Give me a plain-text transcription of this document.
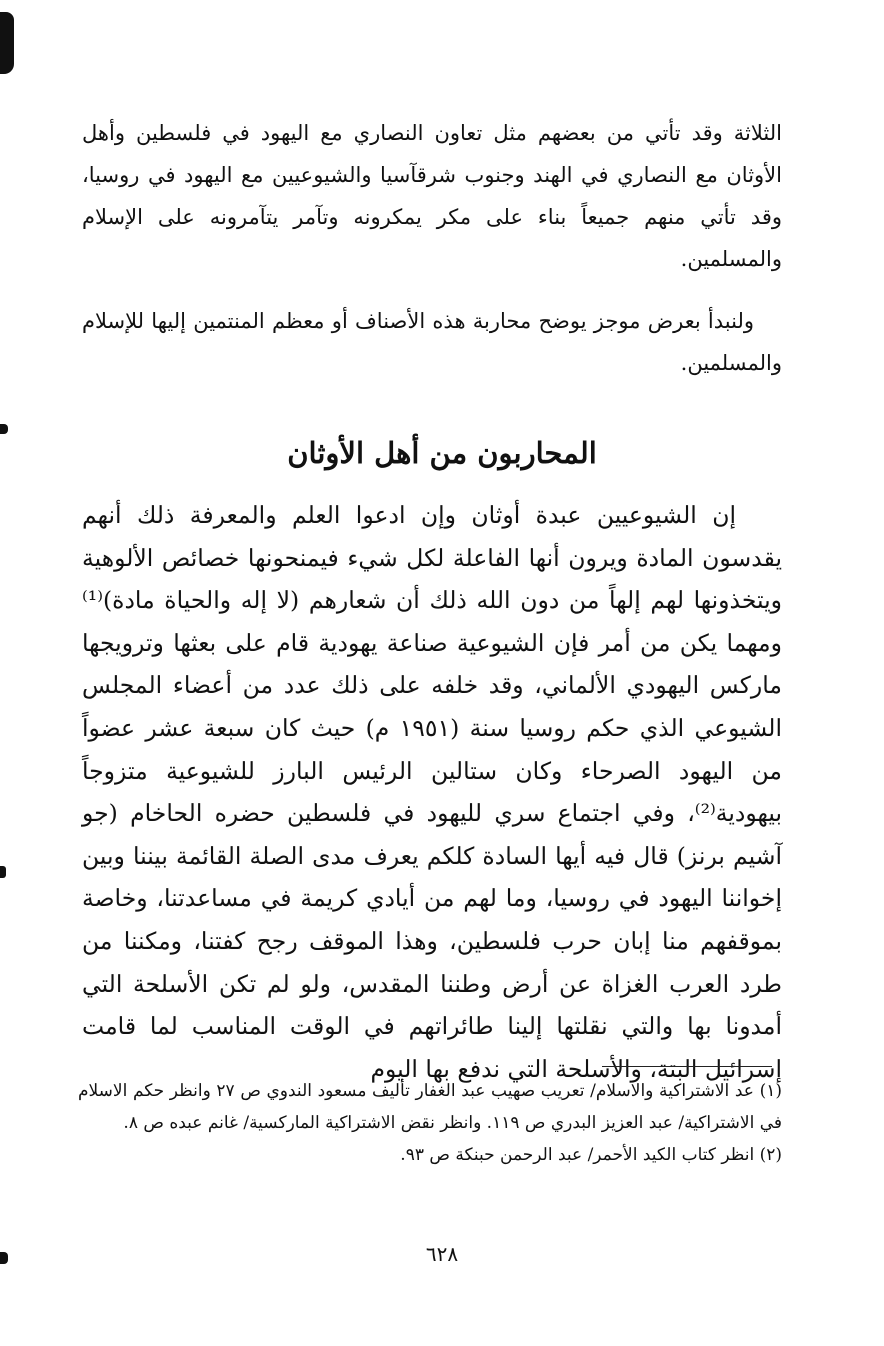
الثلاثة وقد تأتي من بعضهم مثل تعاون النصاري مع اليهود في فلسطين وأهل الأوثان مع النصاري في الهند وجنوب شرقآسيا والشيوعيين مع اليهود في روسيا، وقد تأتي منهم جميعاً بناء على مكر يمكرونه وتآمر يتآمرونه على الإسلام والمسلمين.

ولنبدأ بعرض موجز يوضح محاربة هذه الأصناف أو معظم المنتمين إليها للإسلام والمسلمين.

المحاربون من أهل الأوثان

إن الشيوعيين عبدة أوثان وإن ادعوا العلم والمعرفة ذلك أنهم يقدسون المادة ويرون أنها الفاعلة لكل شيء فيمنحونها خصائص الألوهية ويتخذونها لهم إلهاً من دون الله ذلك أن شعارهم (لا إله والحياة مادة)⁽¹⁾ ومهما يكن من أمر فإن الشيوعية صناعة يهودية قام على بعثها وترويجها ماركس اليهودي الألماني، وقد خلفه على ذلك عدد من أعضاء المجلس الشيوعي الذي حكم روسيا سنة (١٩٥١ م) حيث كان سبعة عشر عضواً من اليهود الصرحاء وكان ستالين الرئيس البارز للشيوعية متزوجاً بيهودية⁽²⁾، وفي اجتماع سري لليهود في فلسطين حضره الحاخام (جو آشيم برنز) قال فيه أيها السادة كلكم يعرف مدى الصلة القائمة بيننا وبين إخواننا اليهود في روسيا، وما لهم من أيادي كريمة في مساعدتنا، وخاصة بموقفهم منا إبان حرب فلسطين، وهذا الموقف رجح كفتنا، ومكننا من طرد العرب الغزاة عن أرض وطننا المقدس، ولو لم تكن الأسلحة التي أمدونا بها والتي نقلتها إلينا طائراتهم في الوقت المناسب لما قامت إسرائيل البتة، والأسلحة التي ندفع بها اليوم

(١) عد الاشتراكية والاسلام/ تعريب صهيب عبد الغفار تأليف مسعود الندوي ص ٢٧ وانظر حكم الاسلام في الاشتراكية/ عبد العزيز البدري ص ١١٩. وانظر نقض الاشتراكية الماركسية/ غانم عبده ص ٨.

(٢) انظر كتاب الكيد الأحمر/ عبد الرحمن حبنكة ص ٩٣.

٦٢٨
